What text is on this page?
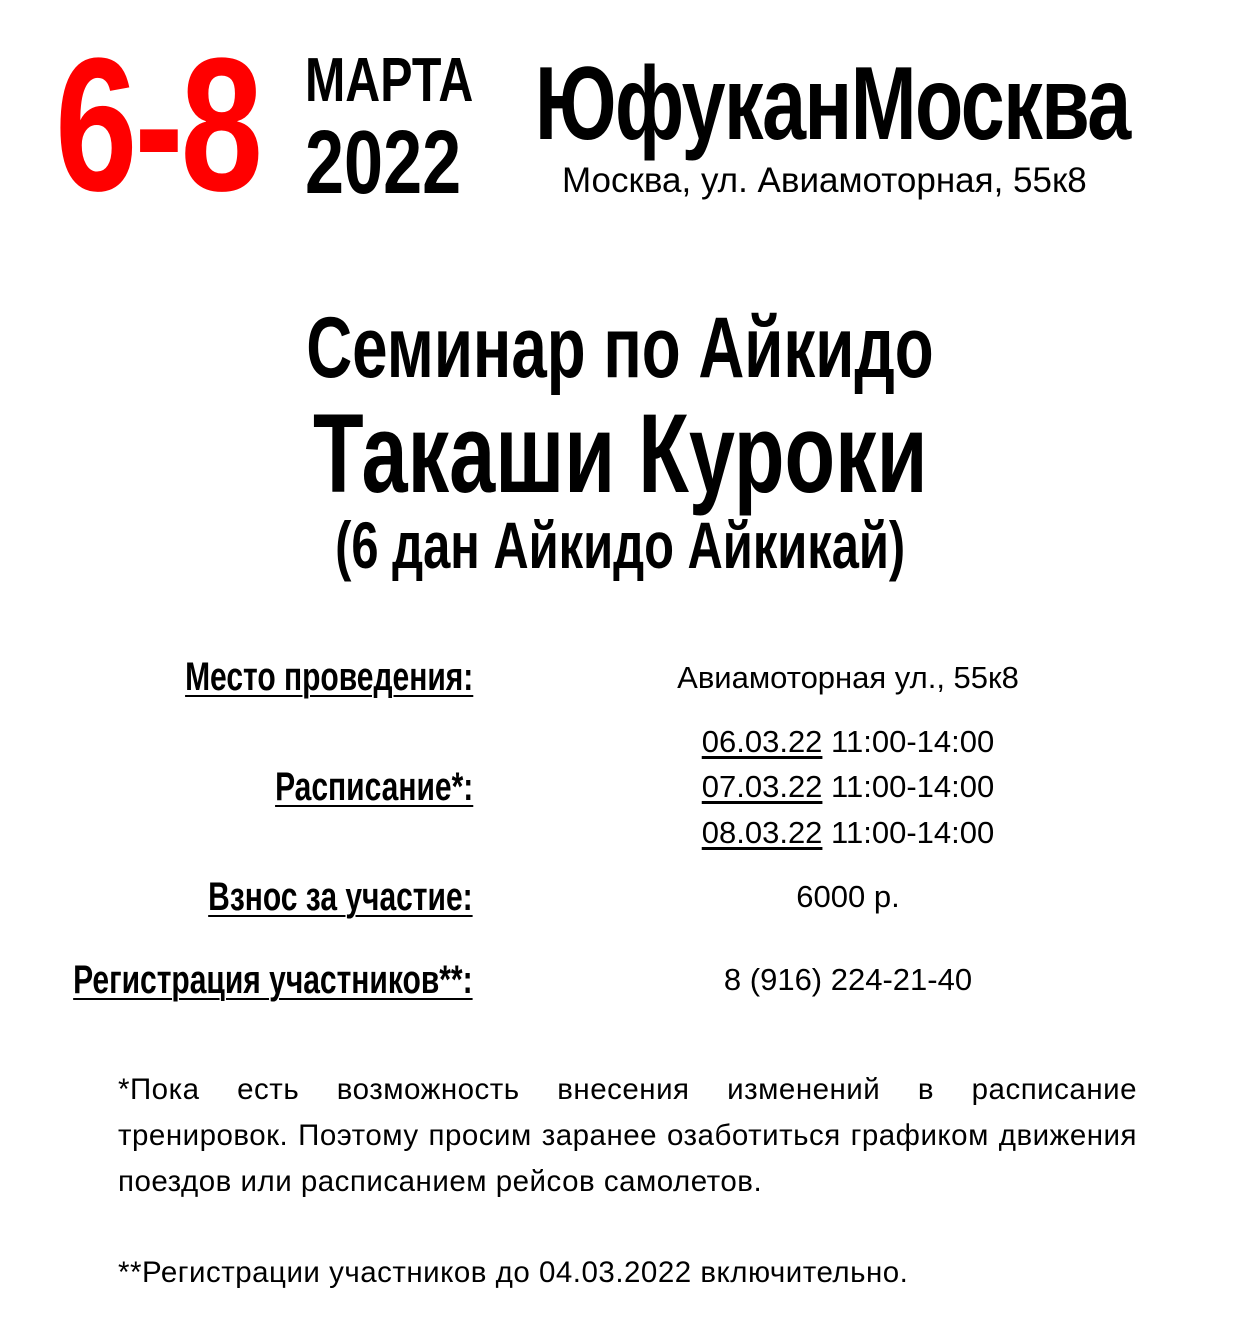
6-8 МАРТА
2022
ЮфуканМосква
Москва, ул. Авиамоторная, 55к8
Семинар по Айкидо
Такаши Куроки
(6 дан Айкидо Айкикай)
Место проведения:	Авиамоторная ул., 55к8
Расписание*:
06.03.22 11:00-14:00
07.03.22 11:00-14:00
08.03.22 11:00-14:00
Взнос за участие:	6000 р.
Регистрация участников**:	8 (916) 224-21-40
*Пока есть возможность внесения изменений в расписание тренировок. Поэтому просим заранее озаботиться графиком движения поездов или расписанием рейсов самолетов.
**Регистрации участников до 04.03.2022 включительно.
